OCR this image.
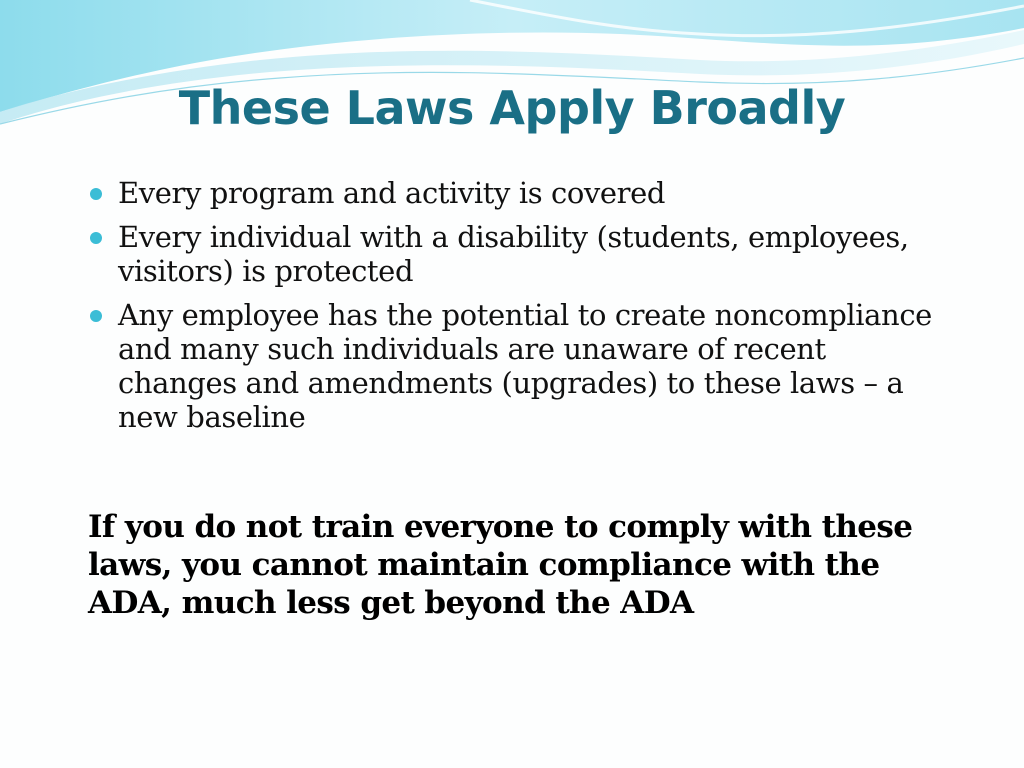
These Laws Apply Broadly
Every program and activity is covered
Every individual with a disability (students, employees, visitors) is protected
Any employee has the potential to create noncompliance and many such individuals are unaware of recent changes and amendments (upgrades) to these laws – a new baseline
If you do not train everyone to comply with these laws, you cannot maintain compliance with the ADA, much less get beyond the ADA
